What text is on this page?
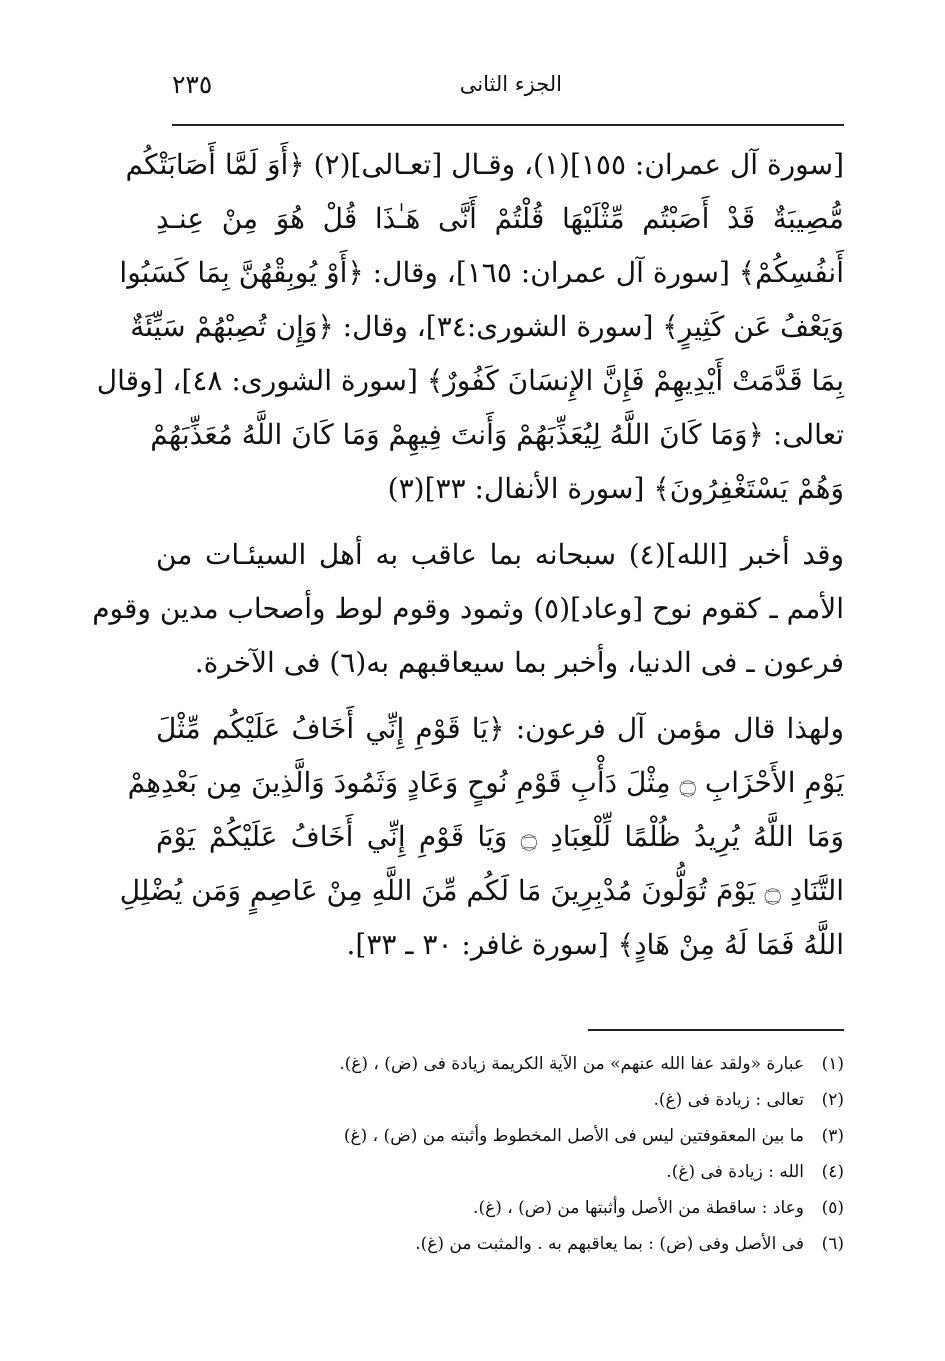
٢٣٥	الجزء الثانى
[سورة آل عمران: ١٥٥](١)، وقـال [تعـالى](٢) ﴿أَوَ لَمَّا أَصَابَتْكُم
مُّصِيبَةٌ قَدْ أَصَبْتُم مِّثْلَيْهَا قُلْتُمْ أَنَّى هَـٰذَا قُلْ هُوَ مِنْ عِنـدِ
أَنفُسِكُمْ﴾ [سورة آل عمران: ١٦٥]، وقال: ﴿أَوْ يُوبِقْهُنَّ بِمَا كَسَبُوا
وَيَعْفُ عَن كَثِيرٍ﴾ [سورة الشورى:٣٤]، وقال: ﴿وَإِن تُصِبْهُمْ سَيِّئَةٌ
بِمَا قَدَّمَتْ أَيْدِيهِمْ فَإِنَّ الإِنسَانَ كَفُورٌ﴾ [سورة الشورى: ٤٨]، [وقال
تعالى: ﴿وَمَا كَانَ اللَّهُ لِيُعَذِّبَهُمْ وَأَنتَ فِيهِمْ وَمَا كَانَ اللَّهُ مُعَذِّبَهُمْ
وَهُمْ يَسْتَغْفِرُونَ﴾ [سورة الأنفال: ٣٣](٣)
وقد أخبر [الله](٤) سبحانه بما عاقب به أهل السيئـات من
الأمم ـ كقوم نوح [وعاد](٥) وثمود وقوم لوط وأصحاب مدين وقوم
فرعون ـ فى الدنيا، وأخبر بما سيعاقبهم به(٦) فى الآخرة.
ولهذا قال مؤمن آل فرعون: ﴿يَا قَوْمِ إِنِّي أَخَافُ عَلَيْكُم مِّثْلَ
يَوْمِ الأَحْزَابِ ۝ مِثْلَ دَأْبِ قَوْمِ نُوحٍ وَعَادٍ وَثَمُودَ وَالَّذِينَ مِن بَعْدِهِمْ
وَمَا اللَّهُ يُرِيدُ ظُلْمًا لِّلْعِبَادِ ۝ وَيَا قَوْمِ إِنِّي أَخَافُ عَلَيْكُمْ يَوْمَ
التَّنَادِ ۝ يَوْمَ تُوَلُّونَ مُدْبِرِينَ مَا لَكُم مِّنَ اللَّهِ مِنْ عَاصِمٍ وَمَن يُضْلِلِ
اللَّهُ فَمَا لَهُ مِنْ هَادٍ﴾ [سورة غافر: ٣٠ ـ ٣٣].
(١)
عبارة «ولقد عفا الله عنهم» من الآية الكريمة زيادة فى (ض) ، (غ).
(٢)
تعالى : زيادة فى (غ).
(٣)
ما بين المعقوفتين ليس فى الأصل المخطوط وأثبته من (ض) ، (غ)
(٤)
الله : زيادة فى (غ).
(٥)
وعاد : ساقطة من الأصل وأثبتها من (ض) ، (غ).
(٦)
فى الأصل وفى (ض) : بما يعاقبهم به . والمثبت من (غ).
